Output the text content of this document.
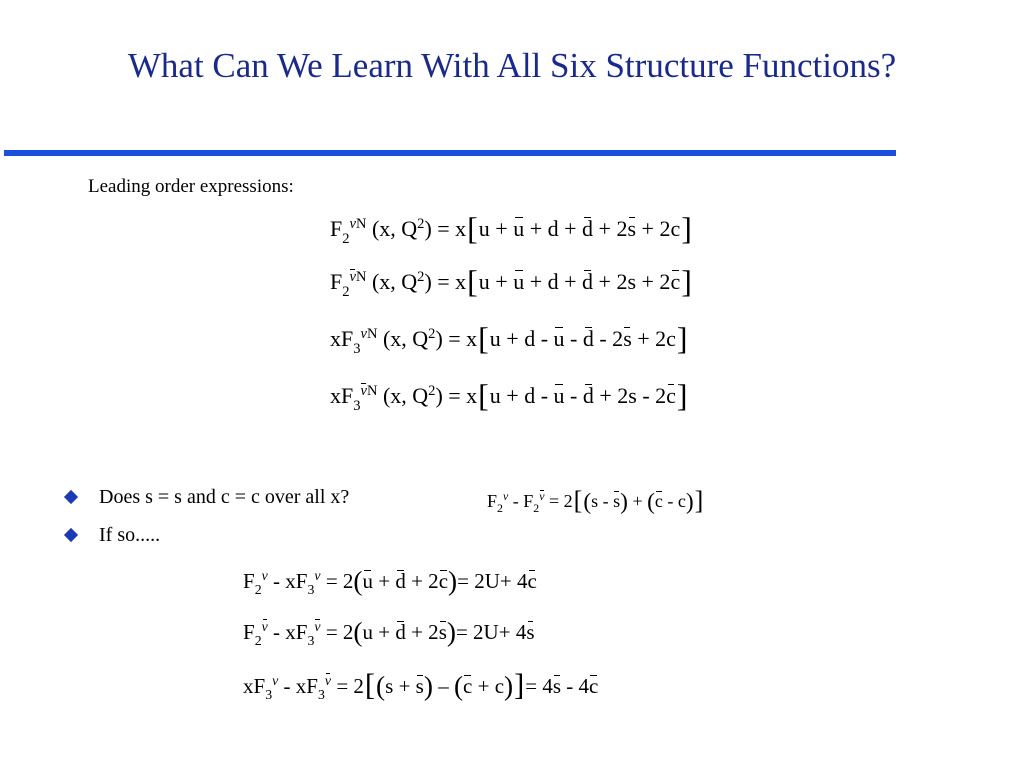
What Can We Learn With All Six Structure Functions?
Leading order expressions:
$F_2^{\nu N}$ (x, $Q^2) = x[u + u + d + d + 2s + 2c]$
$F_2^{\nu N}$ (x, $Q^2) = x[u + u + d + d + 2s + 2c]$
$xF_3^{\nu N}$ (x, $Q^2) = x[u + d - u - d - 2s + 2c]$
$xF_3^{\nu N}$ (x, $Q^2) = x[u + d - u - d + 2s - 2c]$
Does s = s and c = c over all x?
If so.....
$F_2^\nu - F_2^\nu = 2[(s - s) + (c - c)]$
$F_2^\nu - xF_3^\nu = 2(u + d + 2c)= 2U+ 4c$
$F_2^\nu - xF_3^\nu = 2(u + d + 2s)= 2U+ 4s$
$xF_3^\nu - xF_3^\nu = 2[(s + s) - (c + c)]= 4s - 4c$
